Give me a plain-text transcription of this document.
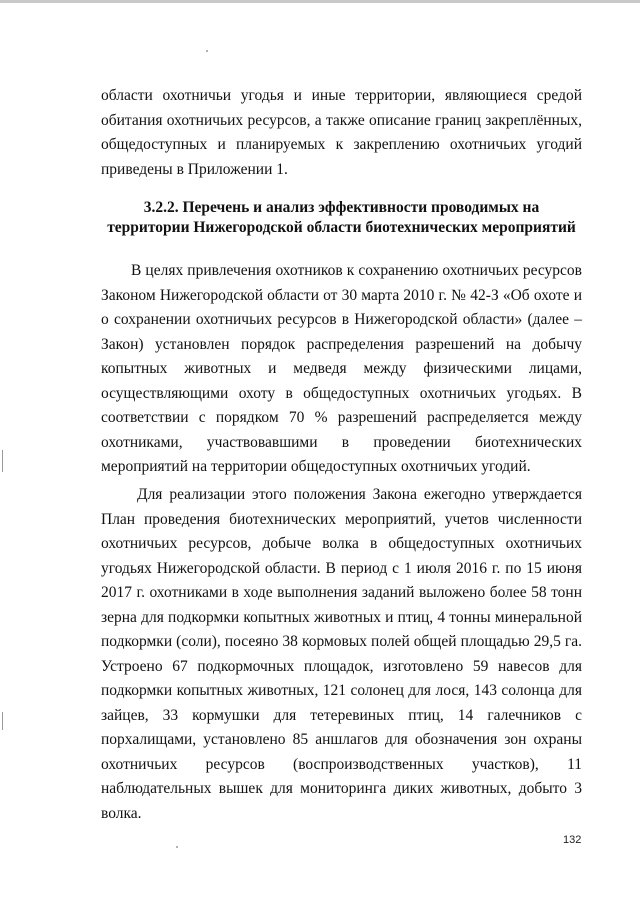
области охотничьи угодья и иные территории, являющиеся средой обитания охотничьих ресурсов, а также описание границ закреплённых, общедоступных и планируемых к закреплению охотничьих угодий приведены в Приложении 1.

3.2.2. Перечень и анализ эффективности проводимых на территории Нижегородской области биотехнических мероприятий

В целях привлечения охотников к сохранению охотничьих ресурсов Законом Нижегородской области от 30 марта 2010 г. № 42-З «Об охоте и о сохранении охотничьих ресурсов в Нижегородской области» (далее – Закон) установлен порядок распределения разрешений на добычу копытных животных и медведя между физическими лицами, осуществляющими охоту в общедоступных охотничьих угодьях. В соответствии с порядком 70 % разрешений распределяется между охотниками, участвовавшими в проведении биотехнических мероприятий на территории общедоступных охотничьих угодий.

Для реализации этого положения Закона ежегодно утверждается План проведения биотехнических мероприятий, учетов численности охотничьих ресурсов, добыче волка в общедоступных охотничьих угодьях Нижегородской области. В период с 1 июля 2016 г. по 15 июня 2017 г. охотниками в ходе выполнения заданий выложено более 58 тонн зерна для подкормки копытных животных и птиц, 4 тонны минеральной подкормки (соли), посеяно 38 кормовых полей общей площадью 29,5 га. Устроено 67 подкормочных площадок, изготовлено 59 навесов для подкормки копытных животных, 121 солонец для лося, 143 солонца для зайцев, 33 кормушки для тетеревиных птиц, 14 галечников с порхалищами, установлено 85 аншлагов для обозначения зон охраны охотничьих ресурсов (воспроизводственных участков), 11 наблюдательных вышек для мониторинга диких животных, добыто 3 волка.

132
